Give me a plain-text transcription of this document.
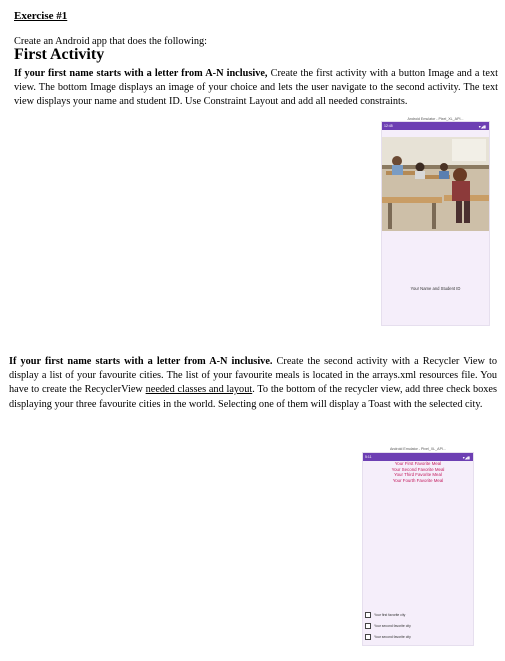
Exercise #1
Create an Android app that does the following:
First Activity
If your first name starts with a letter from A-N inclusive, Create the first activity with a button Image and a text view. The bottom Image displays an image of your choice and lets the user navigate to the second activity. The text view displays your name and student ID. Use Constraint Layout and add all needed constraints.
Android Emulator - Pixel_XL_API...
12:45	▾◢▮
Your Name and Student ID
If your first name starts with a letter from A-N inclusive. Create the second activity with a Recycler View to display a list of your favourite cities. The list of your favourite meals is located in the arrays.xml resources file. You have to create the RecyclerView needed classes and layout. To the bottom of the recycler view, add three check boxes displaying your three favourite cities in the world. Selecting one of them will display a Toast with the selected city.
Android Emulator - Pixel_XL_API...
5:11	▾◢▮
Your First Favorite Meal
Your Second Favorite Meal
Your Third Favorite Meal
Your Fourth Favorite Meal
Your first favorite city
Your second favorite city
Your second favorite city
